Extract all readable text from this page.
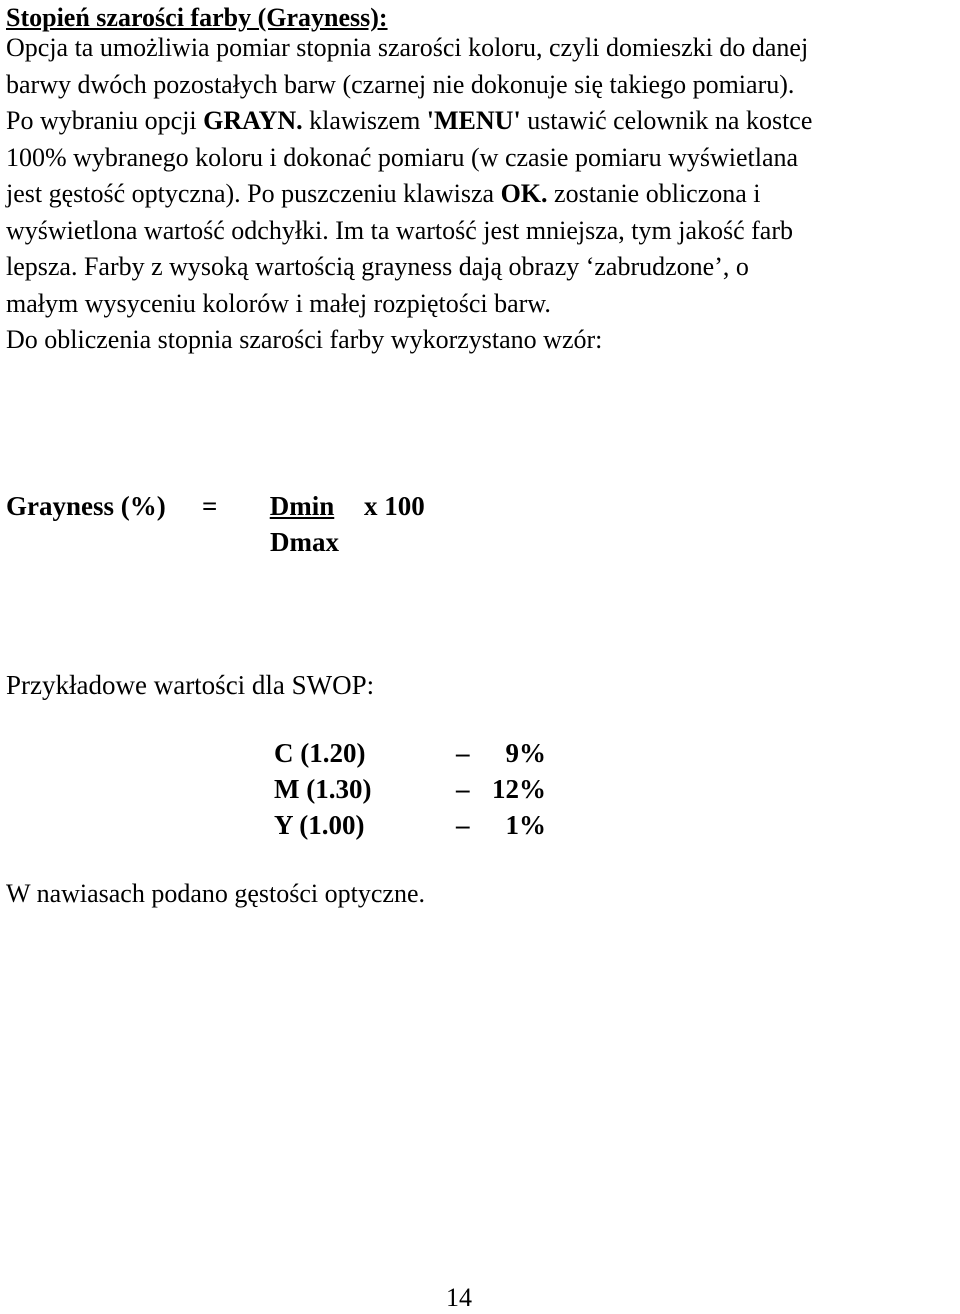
Stopień szarości farby (Grayness):
Opcja ta umożliwia pomiar stopnia szarości koloru, czyli domieszki do danej
barwy dwóch pozostałych barw (czarnej nie dokonuje się takiego pomiaru).
Po wybraniu opcji GRAYN. klawiszem 'MENU' ustawić celownik na kostce
100% wybranego koloru i dokonać pomiaru (w czasie pomiaru wyświetlana
jest gęstość optyczna). Po puszczeniu klawisza OK. zostanie obliczona i
wyświetlona wartość odchyłki. Im ta wartość jest mniejsza, tym jakość farb
lepsza. Farby z wysoką wartością grayness dają obrazy ‘zabrudzone’, o
małym wysyceniu kolorów i małej rozpiętości barw.
Do obliczenia stopnia szarości farby wykorzystano wzór:
Grayness (%) =	Dmin	x 100
Dmax
Przykładowe wartości dla SWOP:
C (1.20)	– 9%
M (1.30)	– 12%
Y (1.00)	– 1%
W nawiasach podano gęstości optyczne.
14
